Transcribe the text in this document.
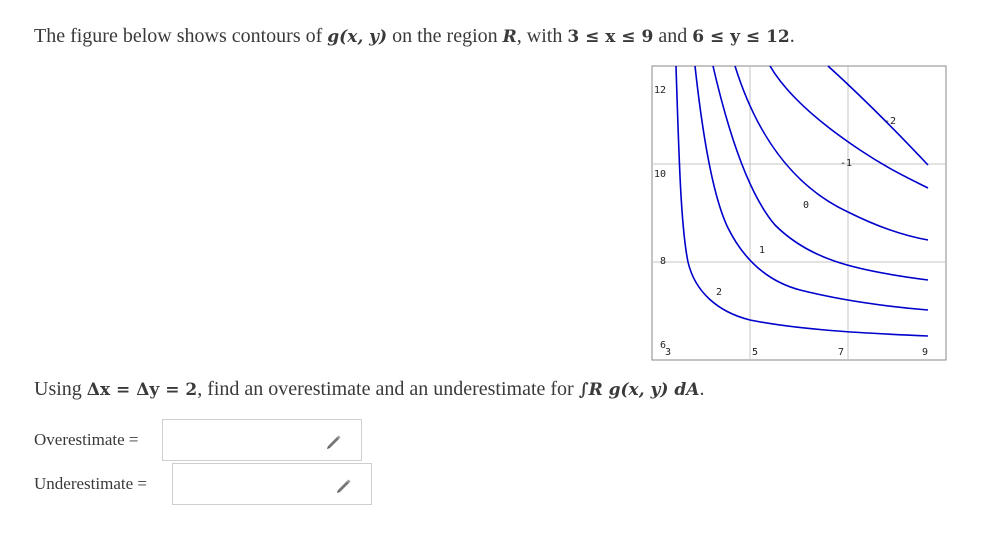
The figure below shows contours of g(x, y) on the region R, with 3 ≤ x ≤ 9 and 6 ≤ y ≤ 12.
12
10
8
6
3	5	7	9
2
1
0
-1
-2
Using Δx = Δy = 2, find an overestimate and an underestimate for ∫R g(x, y) dA.
Overestimate =
Underestimate =
